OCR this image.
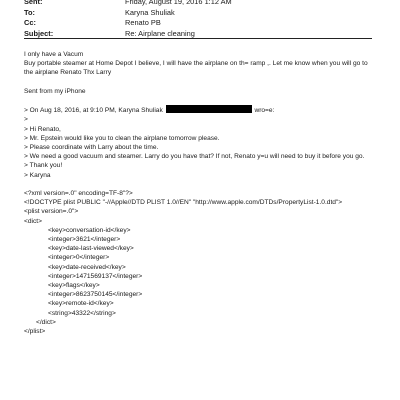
Sent:	Friday, August 19, 2016 1:12 AM
To:	Karyna Shuliak
Cc:	Renato PB
Subject:	Re: Airplane cleaning
I only have a Vacum
Buy portable steamer at Home Depot I believe, I will have the airplane on th= ramp ,. Let me know when you will go to
the airplane Renato Thx Larry
Sent from my iPhone
> On Aug 18, 2016, at 9:10 PM, Karyna Shuliak	wro=e:
>
> Hi Renato,
> Mr. Epstein would like you to clean the airplane tomorrow please.
> Please coordinate with Larry about the time.
> We need a good vacuum and steamer. Larry do you have that? If not, Renato y=u will need to buy it before you go.
> Thank you!
> Karyna
<?xml version=.0" encoding=TF-8"?>
<!DOCTYPE plist PUBLIC "-//Apple//DTD PLIST 1.0//EN" "http://www.apple.com/DTDs/PropertyList-1.0.dtd">
<plist version=.0">
<dict>
<key>conversation-id</key>
<integer>3621</integer>
<key>date-last-viewed</key>
<integer>0</integer>
<key>date-received</key>
<integer>1471569137</integer>
<key>flags</key>
<integer>8623750145</integer>
<key>remote-id</key>
<string>43322</string>
</dict>
</plist>
